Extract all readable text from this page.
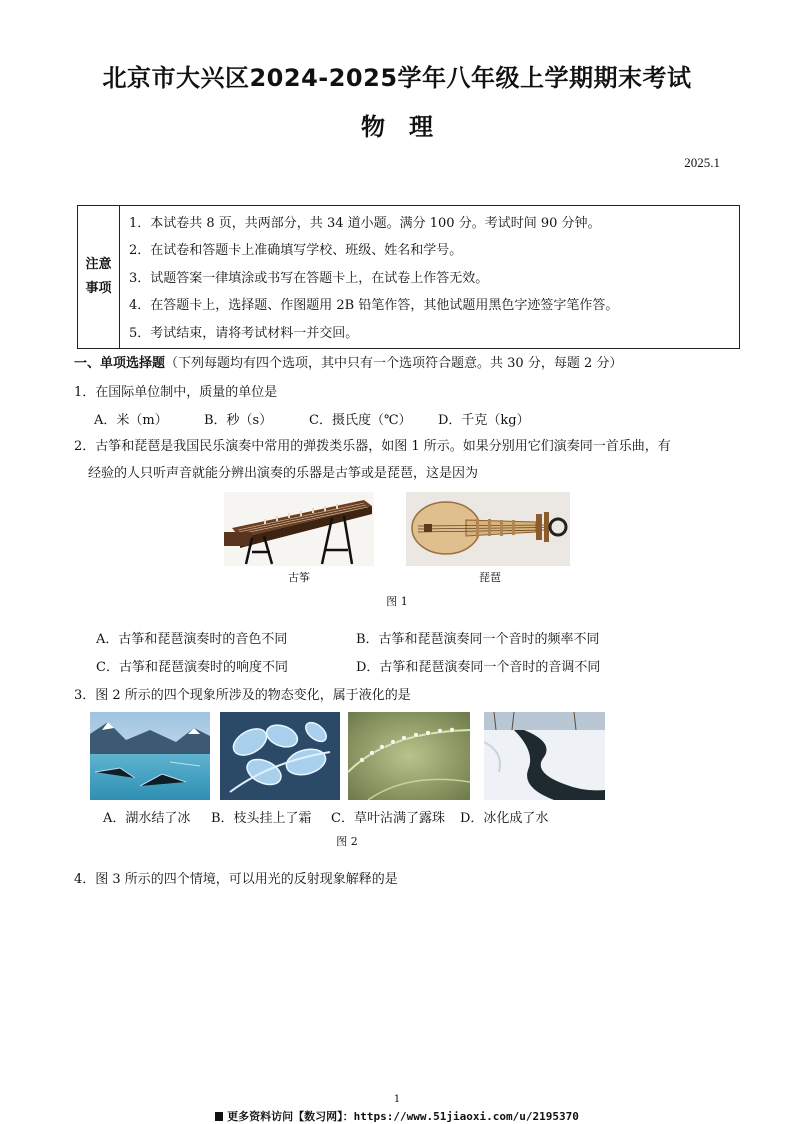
北京市大兴区2024-2025学年八年级上学期期末考试
物　理
2025.1
注意
事项
1．本试卷共 8 页，共两部分，共 34 道小题。满分 100 分。考试时间 90 分钟。
2．在试卷和答题卡上准确填写学校、班级、姓名和学号。
3．试题答案一律填涂或书写在答题卡上，在试卷上作答无效。
4．在答题卡上，选择题、作图题用 2B 铅笔作答，其他试题用黑色字迹签字笔作答。
5．考试结束，请将考试材料一并交回。
一、单项选择题（下列每题均有四个选项，其中只有一个选项符合题意。共 30 分，每题 2 分）
1．在国际单位制中，质量的单位是
A．米（m）	B．秒（s）	C．摄氏度（℃） D．千克（kg）
2．古筝和琵琶是我国民乐演奏中常用的弹拨类乐器，如图 1 所示。如果分别用它们演奏同一首乐曲，有
经验的人只听声音就能分辨出演奏的乐器是古筝或是琵琶，这是因为
古筝	琵琶
图 1
A．古筝和琵琶演奏时的音色不同	B．古筝和琵琶演奏同一个音时的频率不同
C．古筝和琵琶演奏时的响度不同	D．古筝和琵琶演奏同一个音时的音调不同
3．图 2 所示的四个现象所涉及的物态变化，属于液化的是
A．湖水结了冰 B．枝头挂上了霜 C．草叶沾满了露珠 D．冰化成了水
图 2
4．图 3 所示的四个情境，可以用光的反射现象解释的是
1
更多资料访问【数习网】：https://www.51jiaoxi.com/u/2195370
